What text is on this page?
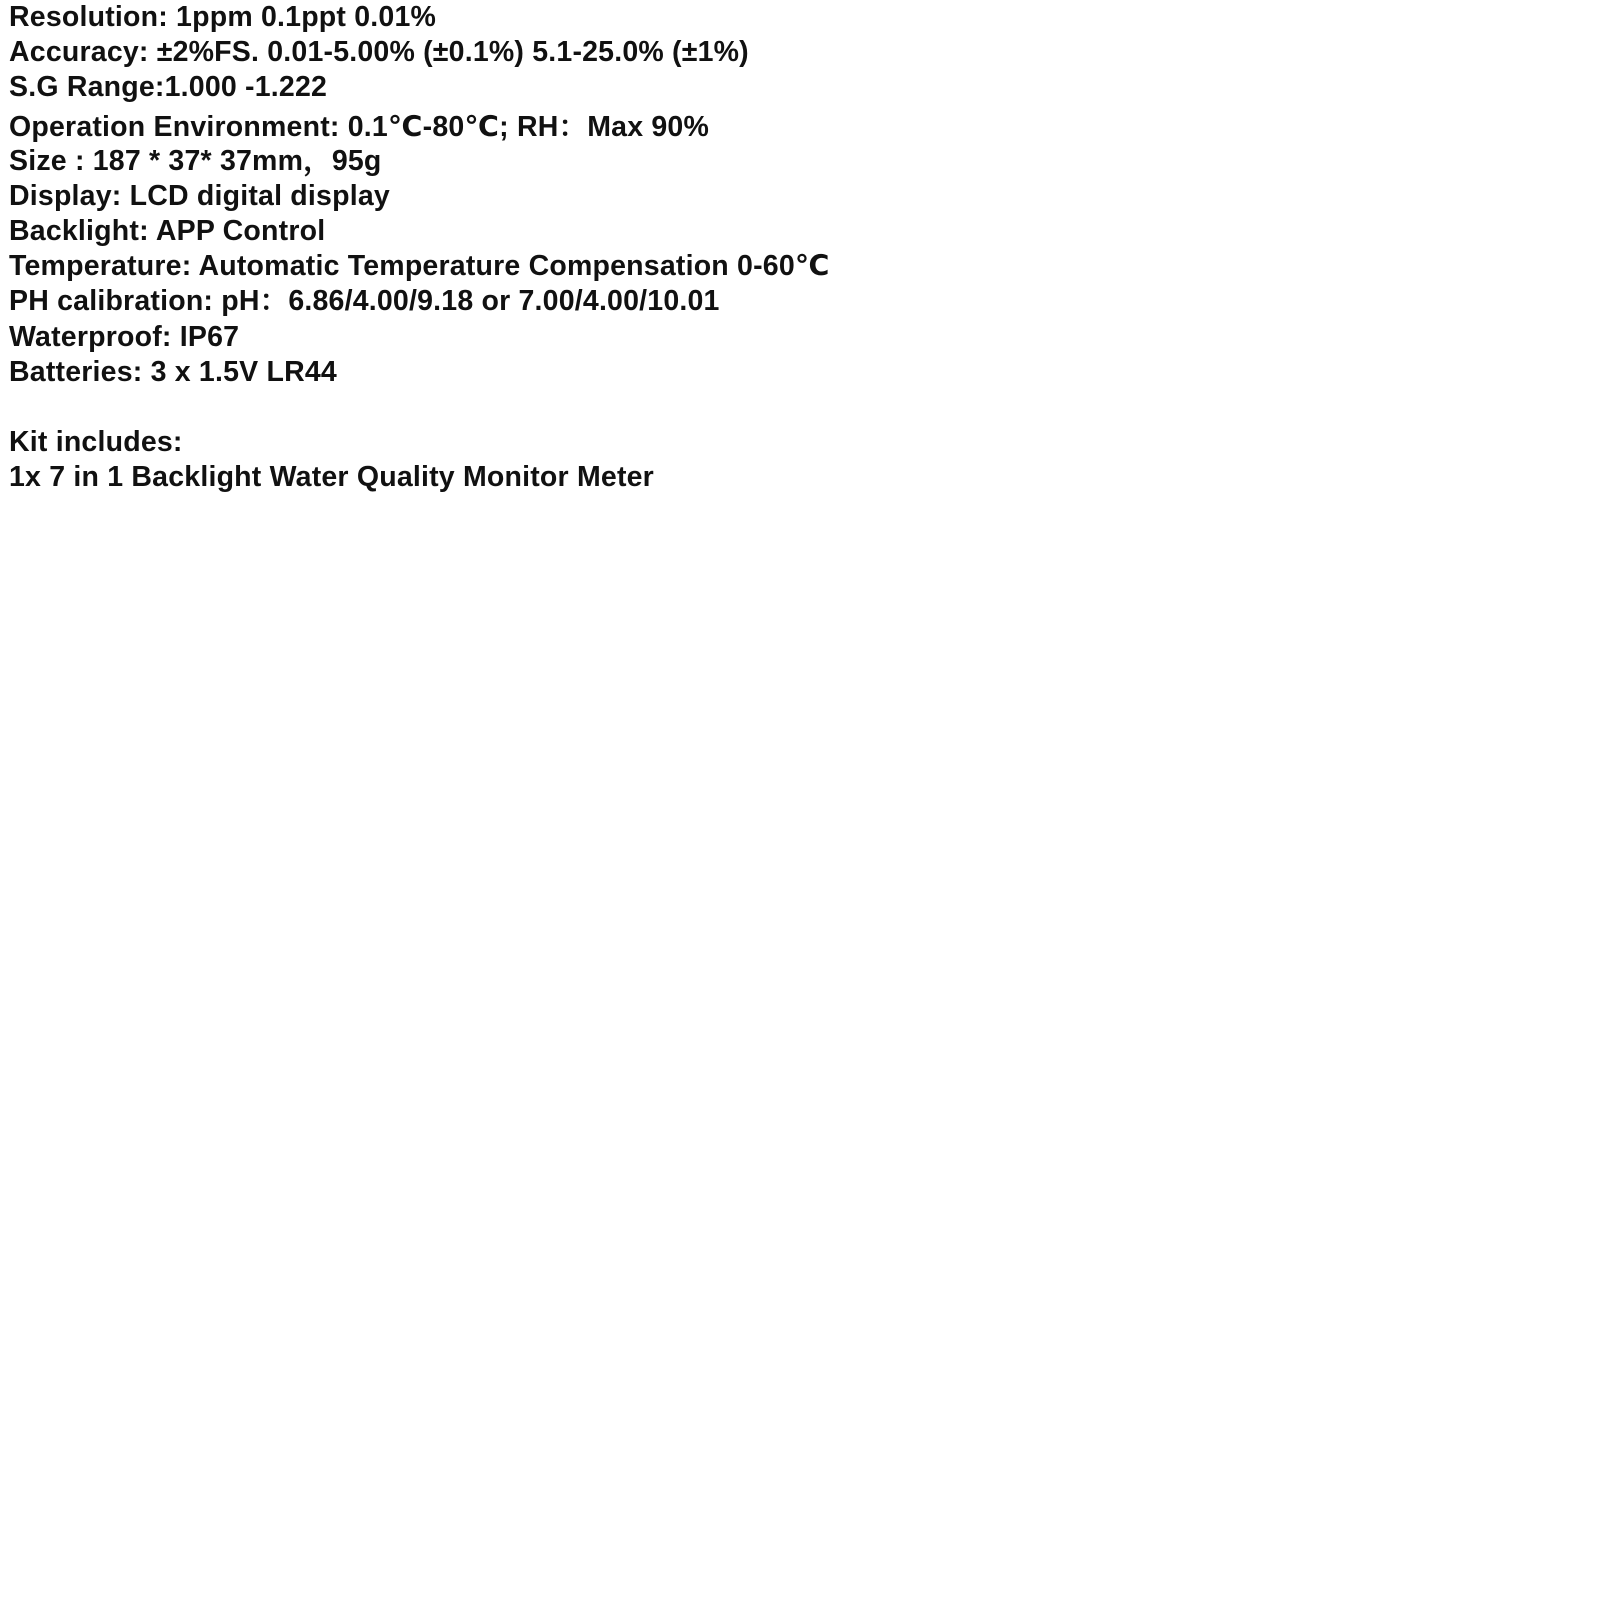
Resolution: 1ppm 0.1ppt 0.01%
Accuracy: ±2%FS. 0.01-5.00% (±0.1%) 5.1-25.0% (±1%)
S.G Range:1.000 -1.222
Operation Environment: 0.1℃-80℃; RH：Max 90%
Size : 187 * 37* 37mm，95g
Display: LCD digital display
Backlight: APP Control
Temperature: Automatic Temperature Compensation 0-60℃
PH calibration: pH：6.86/4.00/9.18 or 7.00/4.00/10.01
Waterproof: IP67
Batteries: 3 x 1.5V LR44
Kit includes:
1x 7 in 1 Backlight Water Quality Monitor Meter
